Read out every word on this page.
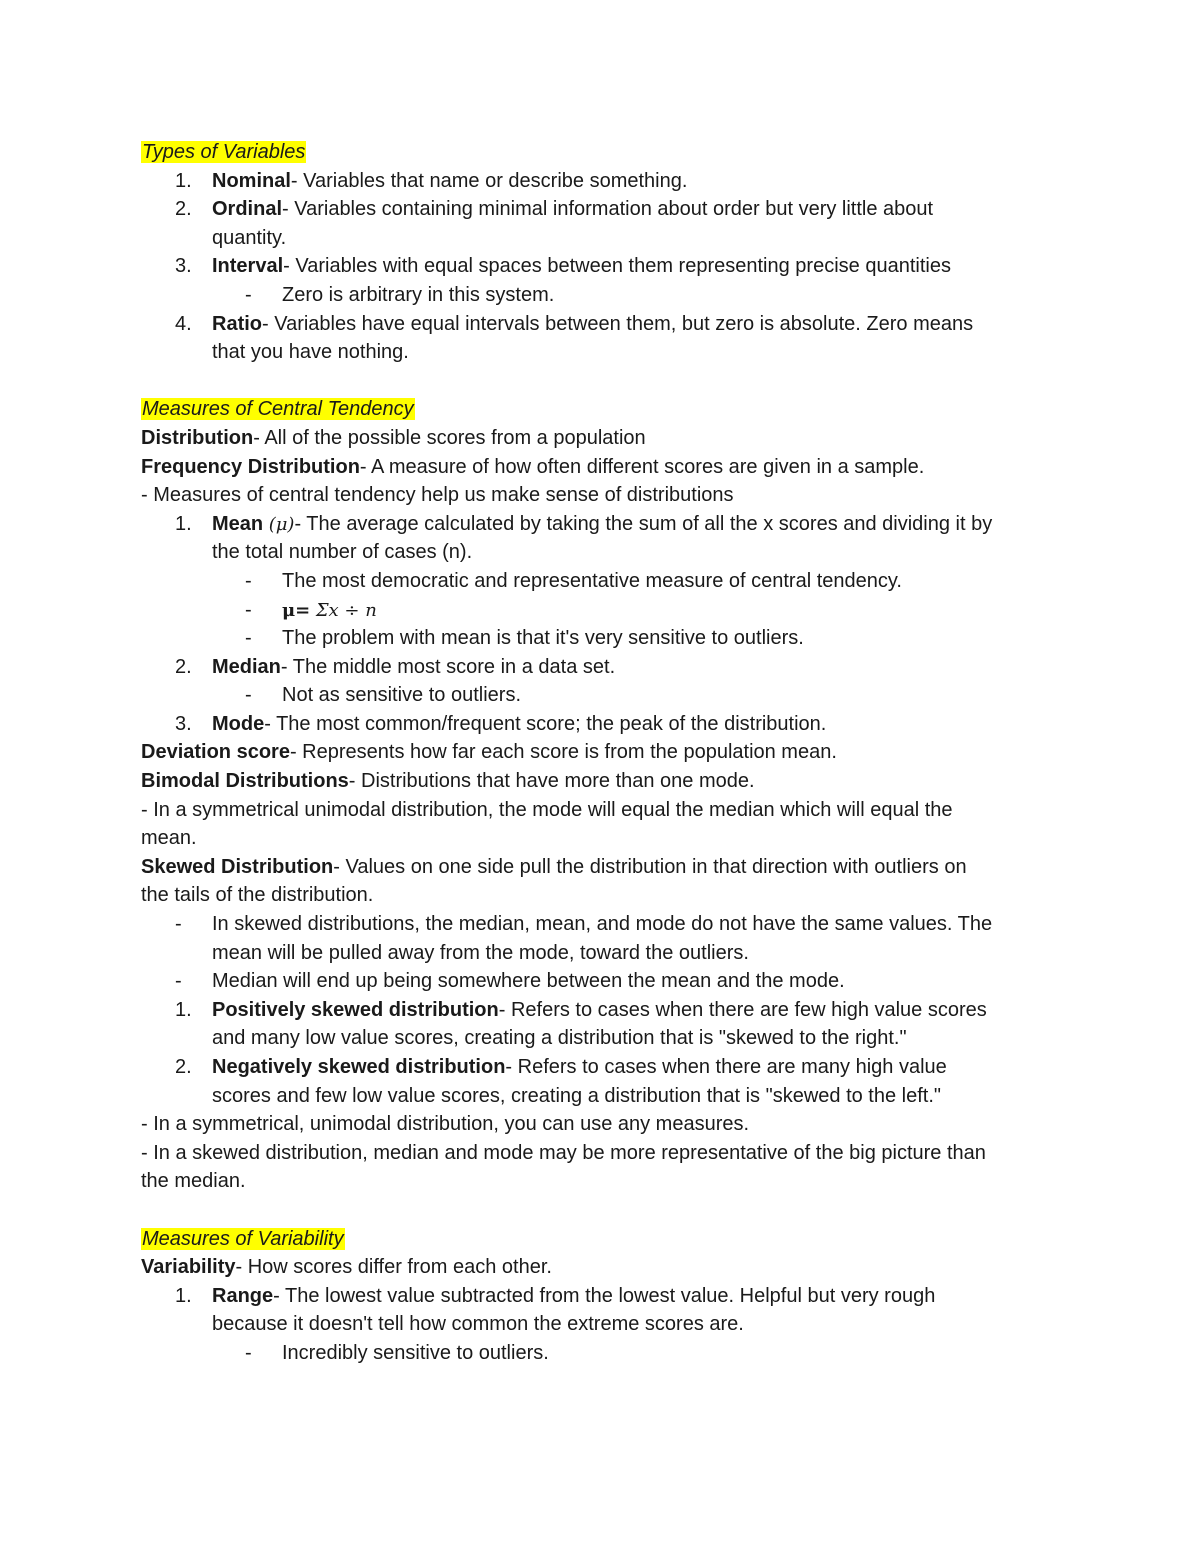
Types of Variables
1. Nominal- Variables that name or describe something.
2. Ordinal- Variables containing minimal information about order but very little about
quantity.
3. Interval- Variables with equal spaces between them representing precise quantities
- Zero is arbitrary in this system.
4. Ratio- Variables have equal intervals between them, but zero is absolute. Zero means
that you have nothing.
Measures of Central Tendency
Distribution- All of the possible scores from a population
Frequency Distribution- A measure of how often different scores are given in a sample.
- Measures of central tendency help us make sense of distributions
1. Mean (𝜇)- The average calculated by taking the sum of all the x scores and dividing it by
the total number of cases (n).
- The most democratic and representative measure of central tendency.
- μ= Σ𝑥 ÷ 𝑛
- The problem with mean is that it's very sensitive to outliers.
2. Median- The middle most score in a data set.
- Not as sensitive to outliers.
3. Mode- The most common/frequent score; the peak of the distribution.
Deviation score- Represents how far each score is from the population mean.
Bimodal Distributions- Distributions that have more than one mode.
- In a symmetrical unimodal distribution, the mode will equal the median which will equal the
mean.
Skewed Distribution- Values on one side pull the distribution in that direction with outliers on
the tails of the distribution.
- In skewed distributions, the median, mean, and mode do not have the same values. The
mean will be pulled away from the mode, toward the outliers.
- Median will end up being somewhere between the mean and the mode.
1. Positively skewed distribution- Refers to cases when there are few high value scores
and many low value scores, creating a distribution that is "skewed to the right."
2. Negatively skewed distribution- Refers to cases when there are many high value
scores and few low value scores, creating a distribution that is "skewed to the left."
- In a symmetrical, unimodal distribution, you can use any measures.
- In a skewed distribution, median and mode may be more representative of the big picture than
the median.
Measures of Variability
Variability- How scores differ from each other.
1. Range- The lowest value subtracted from the lowest value. Helpful but very rough
because it doesn't tell how common the extreme scores are.
- Incredibly sensitive to outliers.
